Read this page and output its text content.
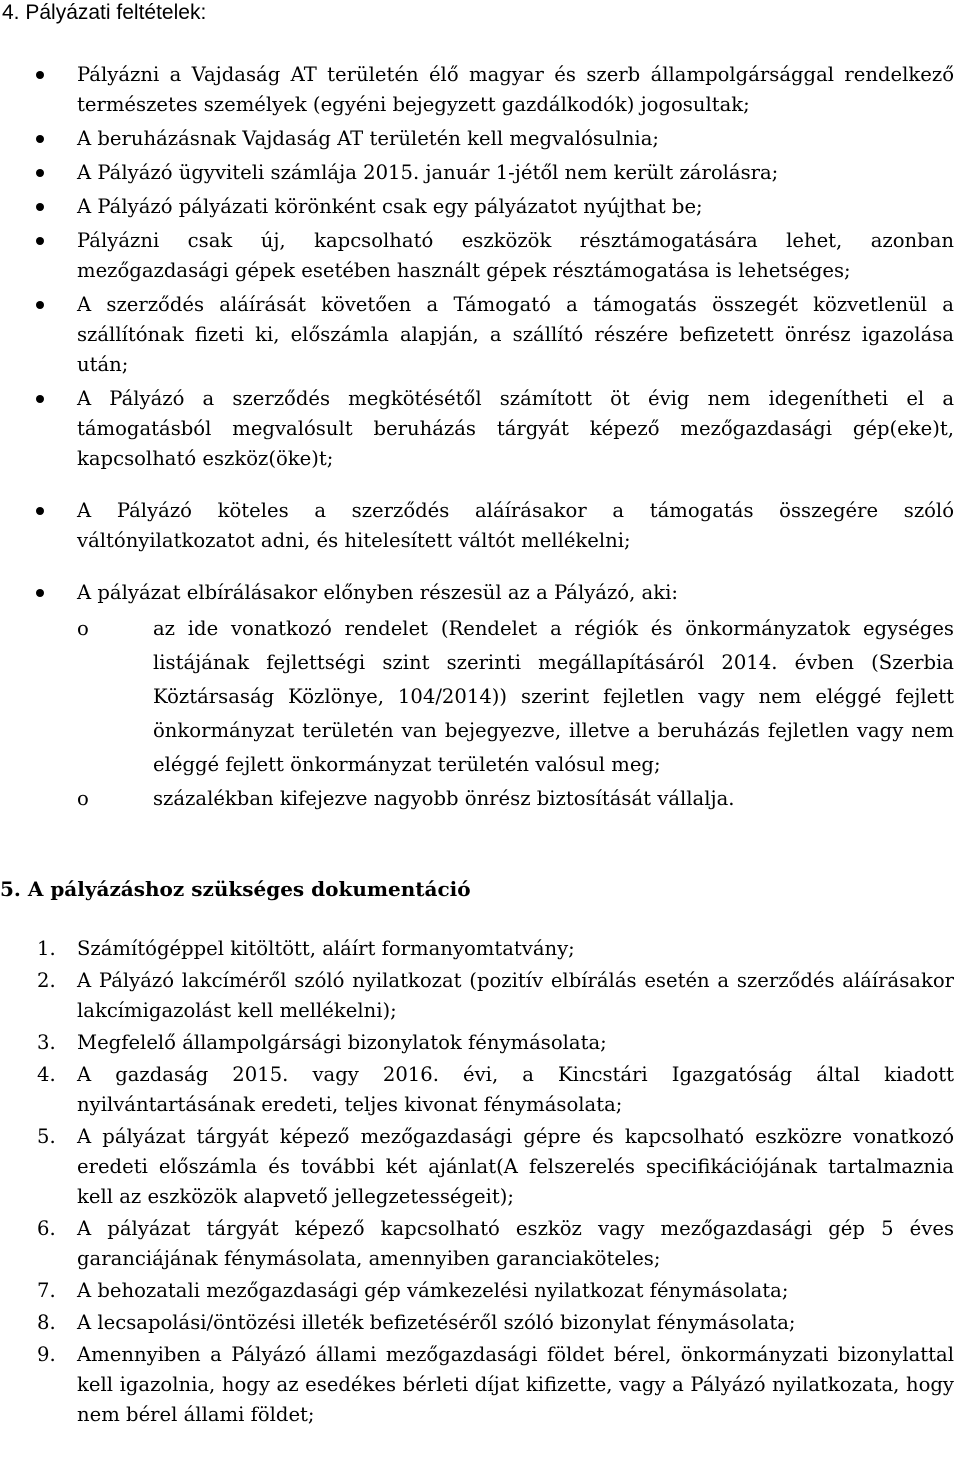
4. Pályázati feltételek:
Pályázni a Vajdaság AT területén élő magyar és szerb állampolgársággal rendelkező természetes személyek (egyéni bejegyzett gazdálkodók) jogosultak;
A beruházásnak Vajdaság AT területén kell megvalósulnia;
A Pályázó ügyviteli számlája 2015. január 1-jétől nem került zárolásra;
A Pályázó pályázati körönként csak egy pályázatot nyújthat be;
Pályázni csak új, kapcsolható eszközök résztámogatására lehet, azonban mezőgazdasági gépek esetében használt gépek résztámogatása is lehetséges;
A szerződés aláírását követően a Támogató a támogatás összegét közvetlenül a szállítónak fizeti ki, előszámla alapján, a szállító részére befizetett önrész igazolása után;
A Pályázó a szerződés megkötésétől számított öt évig nem idegenítheti el a támogatásból megvalósult beruházás tárgyát képező mezőgazdasági gép(eke)t, kapcsolható eszköz(öke)t;
A Pályázó köteles a szerződés aláírásakor a támogatás összegére szóló váltónyilatkozatot adni, és hitelesített váltót mellékelni;
A pályázat elbírálásakor előnyben részesül az a Pályázó, aki:
o	az ide vonatkozó rendelet (Rendelet a régiók és önkormányzatok egységes listájának fejlettségi szint szerinti megállapításáról 2014. évben (Szerbia Köztársaság Közlönye, 104/2014)) szerint fejletlen vagy nem eléggé fejlett önkormányzat területén van bejegyezve, illetve a beruházás fejletlen vagy nem eléggé fejlett önkormányzat területén valósul meg;
o	százalékban kifejezve nagyobb önrész biztosítását vállalja.
5. A pályázáshoz szükséges dokumentáció
1. Számítógéppel kitöltött, aláírt formanyomtatvány;
2. A Pályázó lakcíméről szóló nyilatkozat (pozitív elbírálás esetén a szerződés aláírásakor lakcímigazolást kell mellékelni);
3. Megfelelő állampolgársági bizonylatok fénymásolata;
4. A gazdaság 2015. vagy 2016. évi, a Kincstári Igazgatóság által kiadott nyilvántartásának eredeti, teljes kivonat fénymásolata;
5. A pályázat tárgyát képező mezőgazdasági gépre és kapcsolható eszközre vonatkozó eredeti előszámla és további két ajánlat(A felszerelés specifikációjának tartalmaznia kell az eszközök alapvető jellegzetességeit);
6. A pályázat tárgyát képező kapcsolható eszköz vagy mezőgazdasági gép 5 éves garanciájának fénymásolata, amennyiben garanciaköteles;
7. A behozatali mezőgazdasági gép vámkezelési nyilatkozat fénymásolata;
8. A lecsapolási/öntözési illeték befizetéséről szóló bizonylat fénymásolata;
9. Amennyiben a Pályázó állami mezőgazdasági földet bérel, önkormányzati bizonylattal kell igazolnia, hogy az esedékes bérleti díjat kifizette, vagy a Pályázó nyilatkozata, hogy nem bérel állami földet;
